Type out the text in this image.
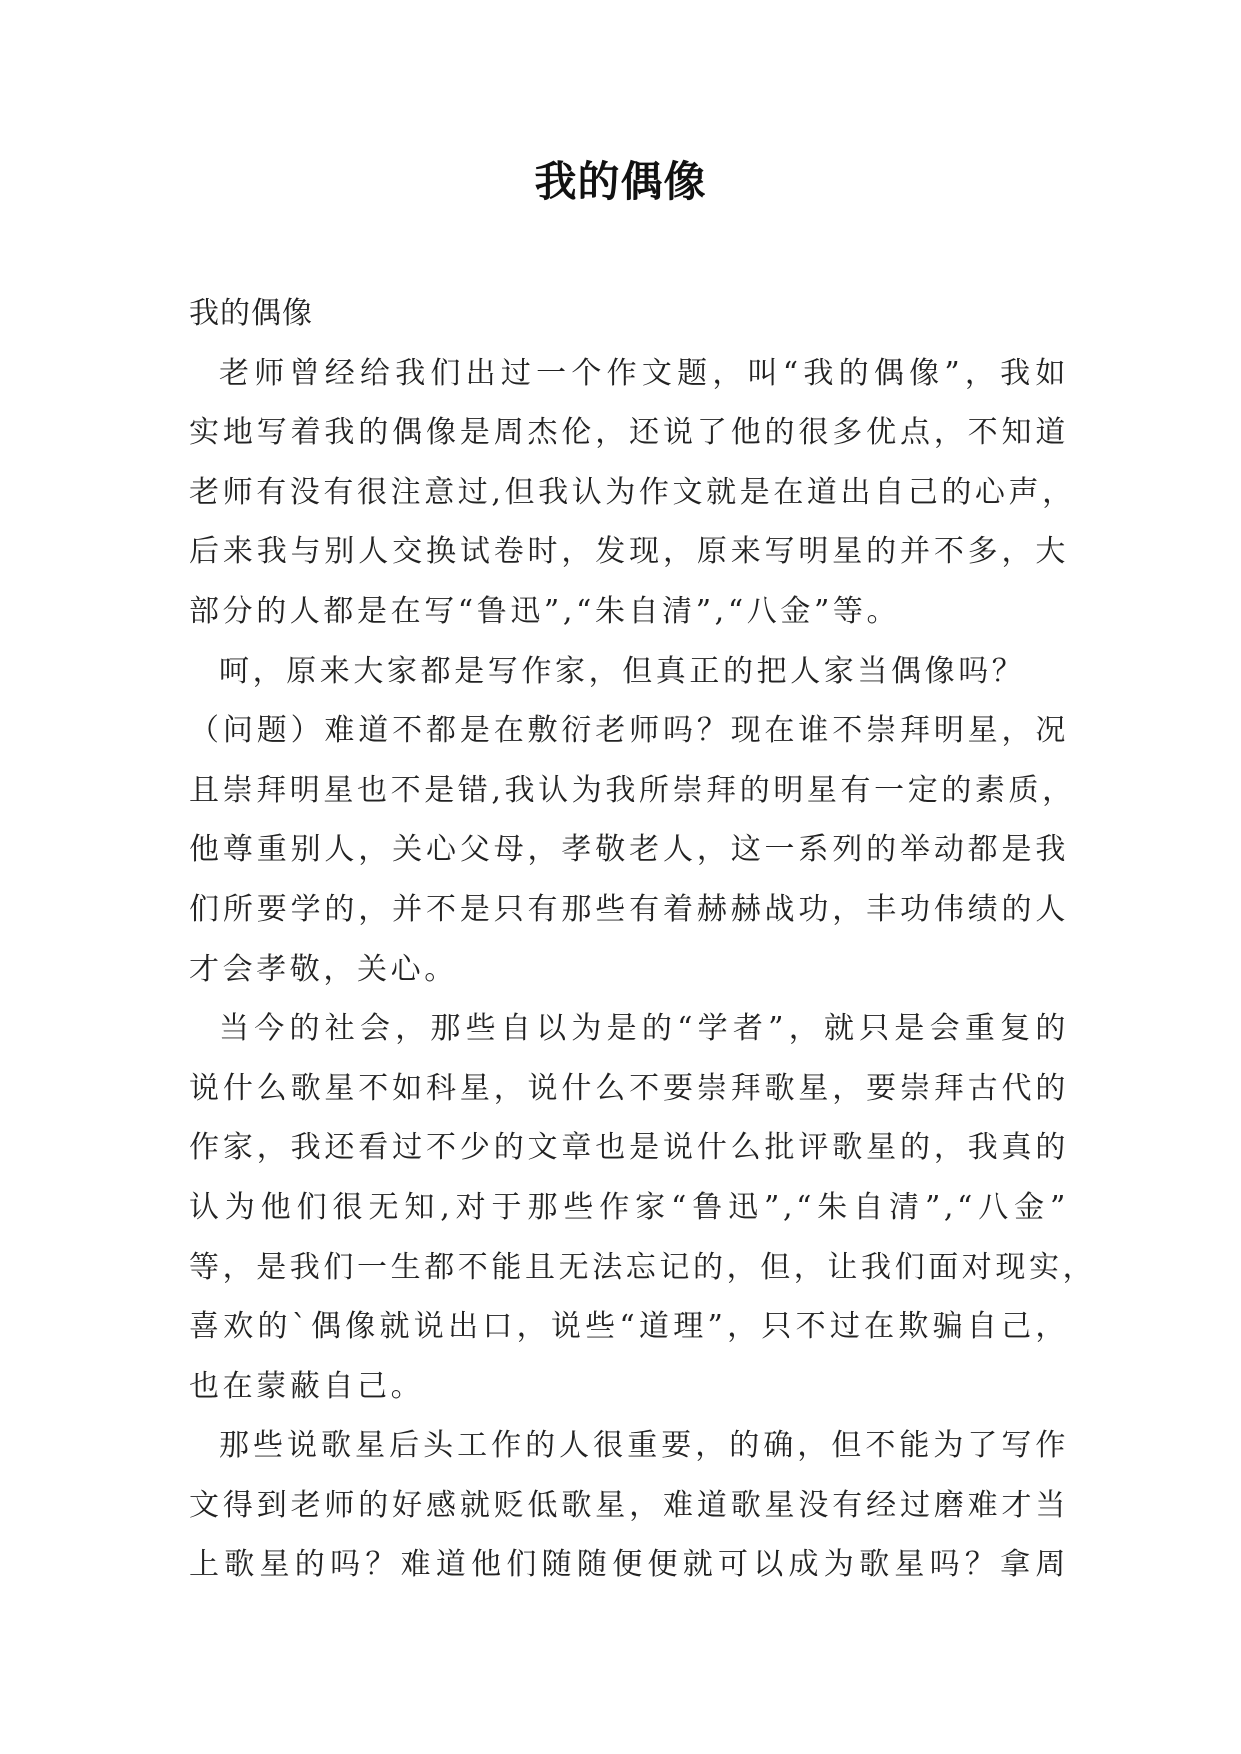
我的偶像
我的偶像
老师曾经给我们出过一个作文题，叫“我的偶像”，我如
实地写着我的偶像是周杰伦，还说了他的很多优点，不知道
老师有没有很注意过,但我认为作文就是在道出自己的心声，
后来我与别人交换试卷时，发现，原来写明星的并不多，大
部分的人都是在写“鲁迅”,“朱自清”,“八金”等。
呵，原来大家都是写作家，但真正的把人家当偶像吗？
（问题）难道不都是在敷衍老师吗？现在谁不崇拜明星，况
且崇拜明星也不是错,我认为我所崇拜的明星有一定的素质，
他尊重别人，关心父母，孝敬老人，这一系列的举动都是我
们所要学的，并不是只有那些有着赫赫战功，丰功伟绩的人
才会孝敬，关心。
当今的社会，那些自以为是的“学者”，就只是会重复的
说什么歌星不如科星，说什么不要崇拜歌星，要崇拜古代的
作家，我还看过不少的文章也是说什么批评歌星的，我真的
认为他们很无知,对于那些作家“鲁迅”,“朱自清”,“八金”
等，是我们一生都不能且无法忘记的，但，让我们面对现实，
喜欢的`偶像就说出口，说些“道理”，只不过在欺骗自己，
也在蒙蔽自己。
那些说歌星后头工作的人很重要，的确，但不能为了写作
文得到老师的好感就贬低歌星，难道歌星没有经过磨难才当
上歌星的吗？难道他们随随便便就可以成为歌星吗？拿周
